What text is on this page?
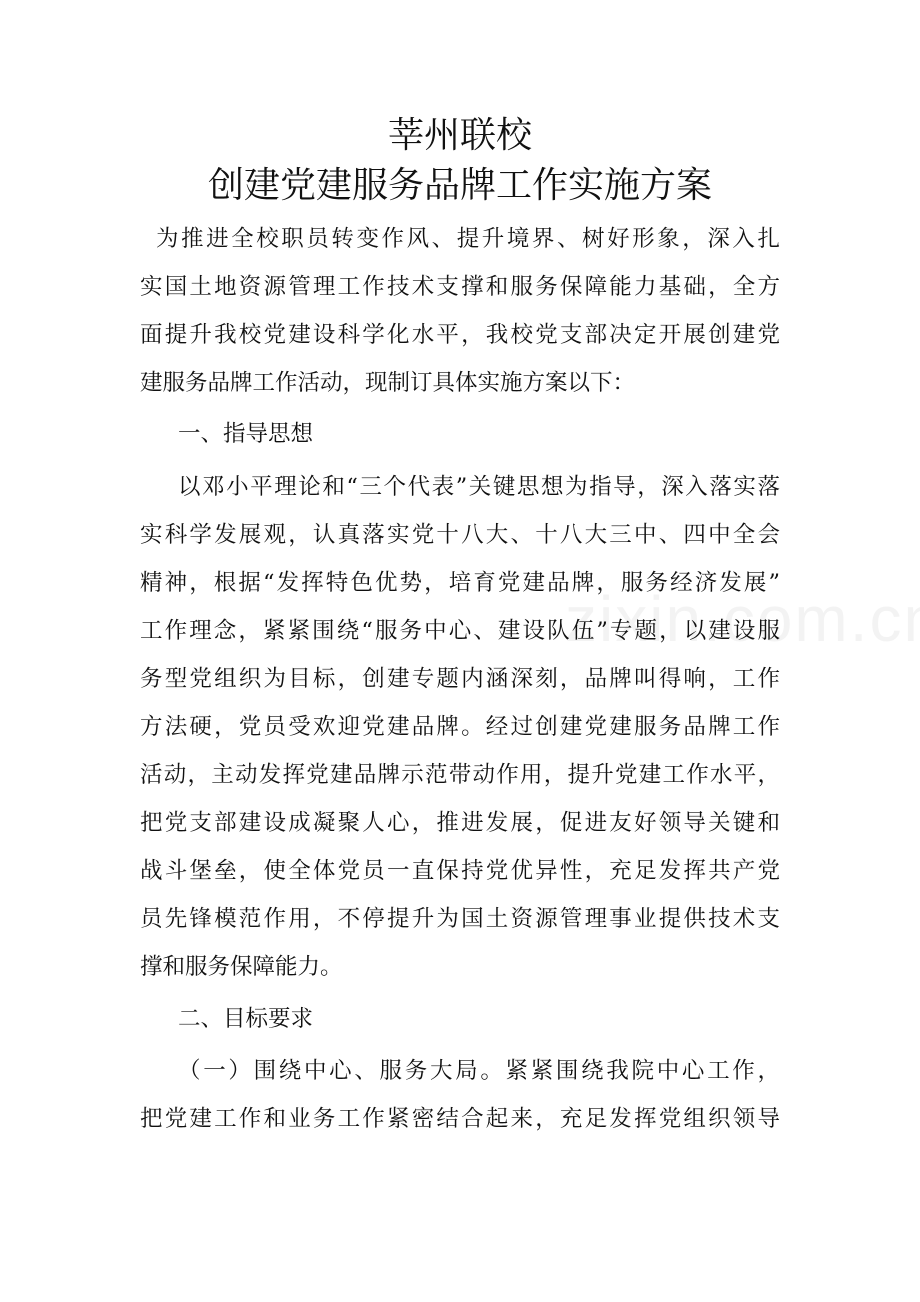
莘州联校
创建党建服务品牌工作实施方案
为推进全校职员转变作风、提升境界、树好形象，深入扎
实国土地资源管理工作技术支撑和服务保障能力基础，全方
面提升我校党建设科学化水平，我校党支部决定开展创建党
建服务品牌工作活动，现制订具体实施方案以下：
一、指导思想
以邓小平理论和“三个代表”关键思想为指导，深入落实落
实科学发展观，认真落实党十八大、十八大三中、四中全会
精神，根据“发挥特色优势，培育党建品牌，服务经济发展”
工作理念，紧紧围绕“服务中心、建设队伍”专题，以建设服
务型党组织为目标，创建专题内涵深刻，品牌叫得响，工作
方法硬，党员受欢迎党建品牌。经过创建党建服务品牌工作
活动，主动发挥党建品牌示范带动作用，提升党建工作水平，
把党支部建设成凝聚人心，推进发展，促进友好领导关键和
战斗堡垒，使全体党员一直保持党优异性，充足发挥共产党
员先锋模范作用，不停提升为国土资源管理事业提供技术支
撑和服务保障能力。
二、目标要求
（一）围绕中心、服务大局。紧紧围绕我院中心工作，
把党建工作和业务工作紧密结合起来，充足发挥党组织领导
